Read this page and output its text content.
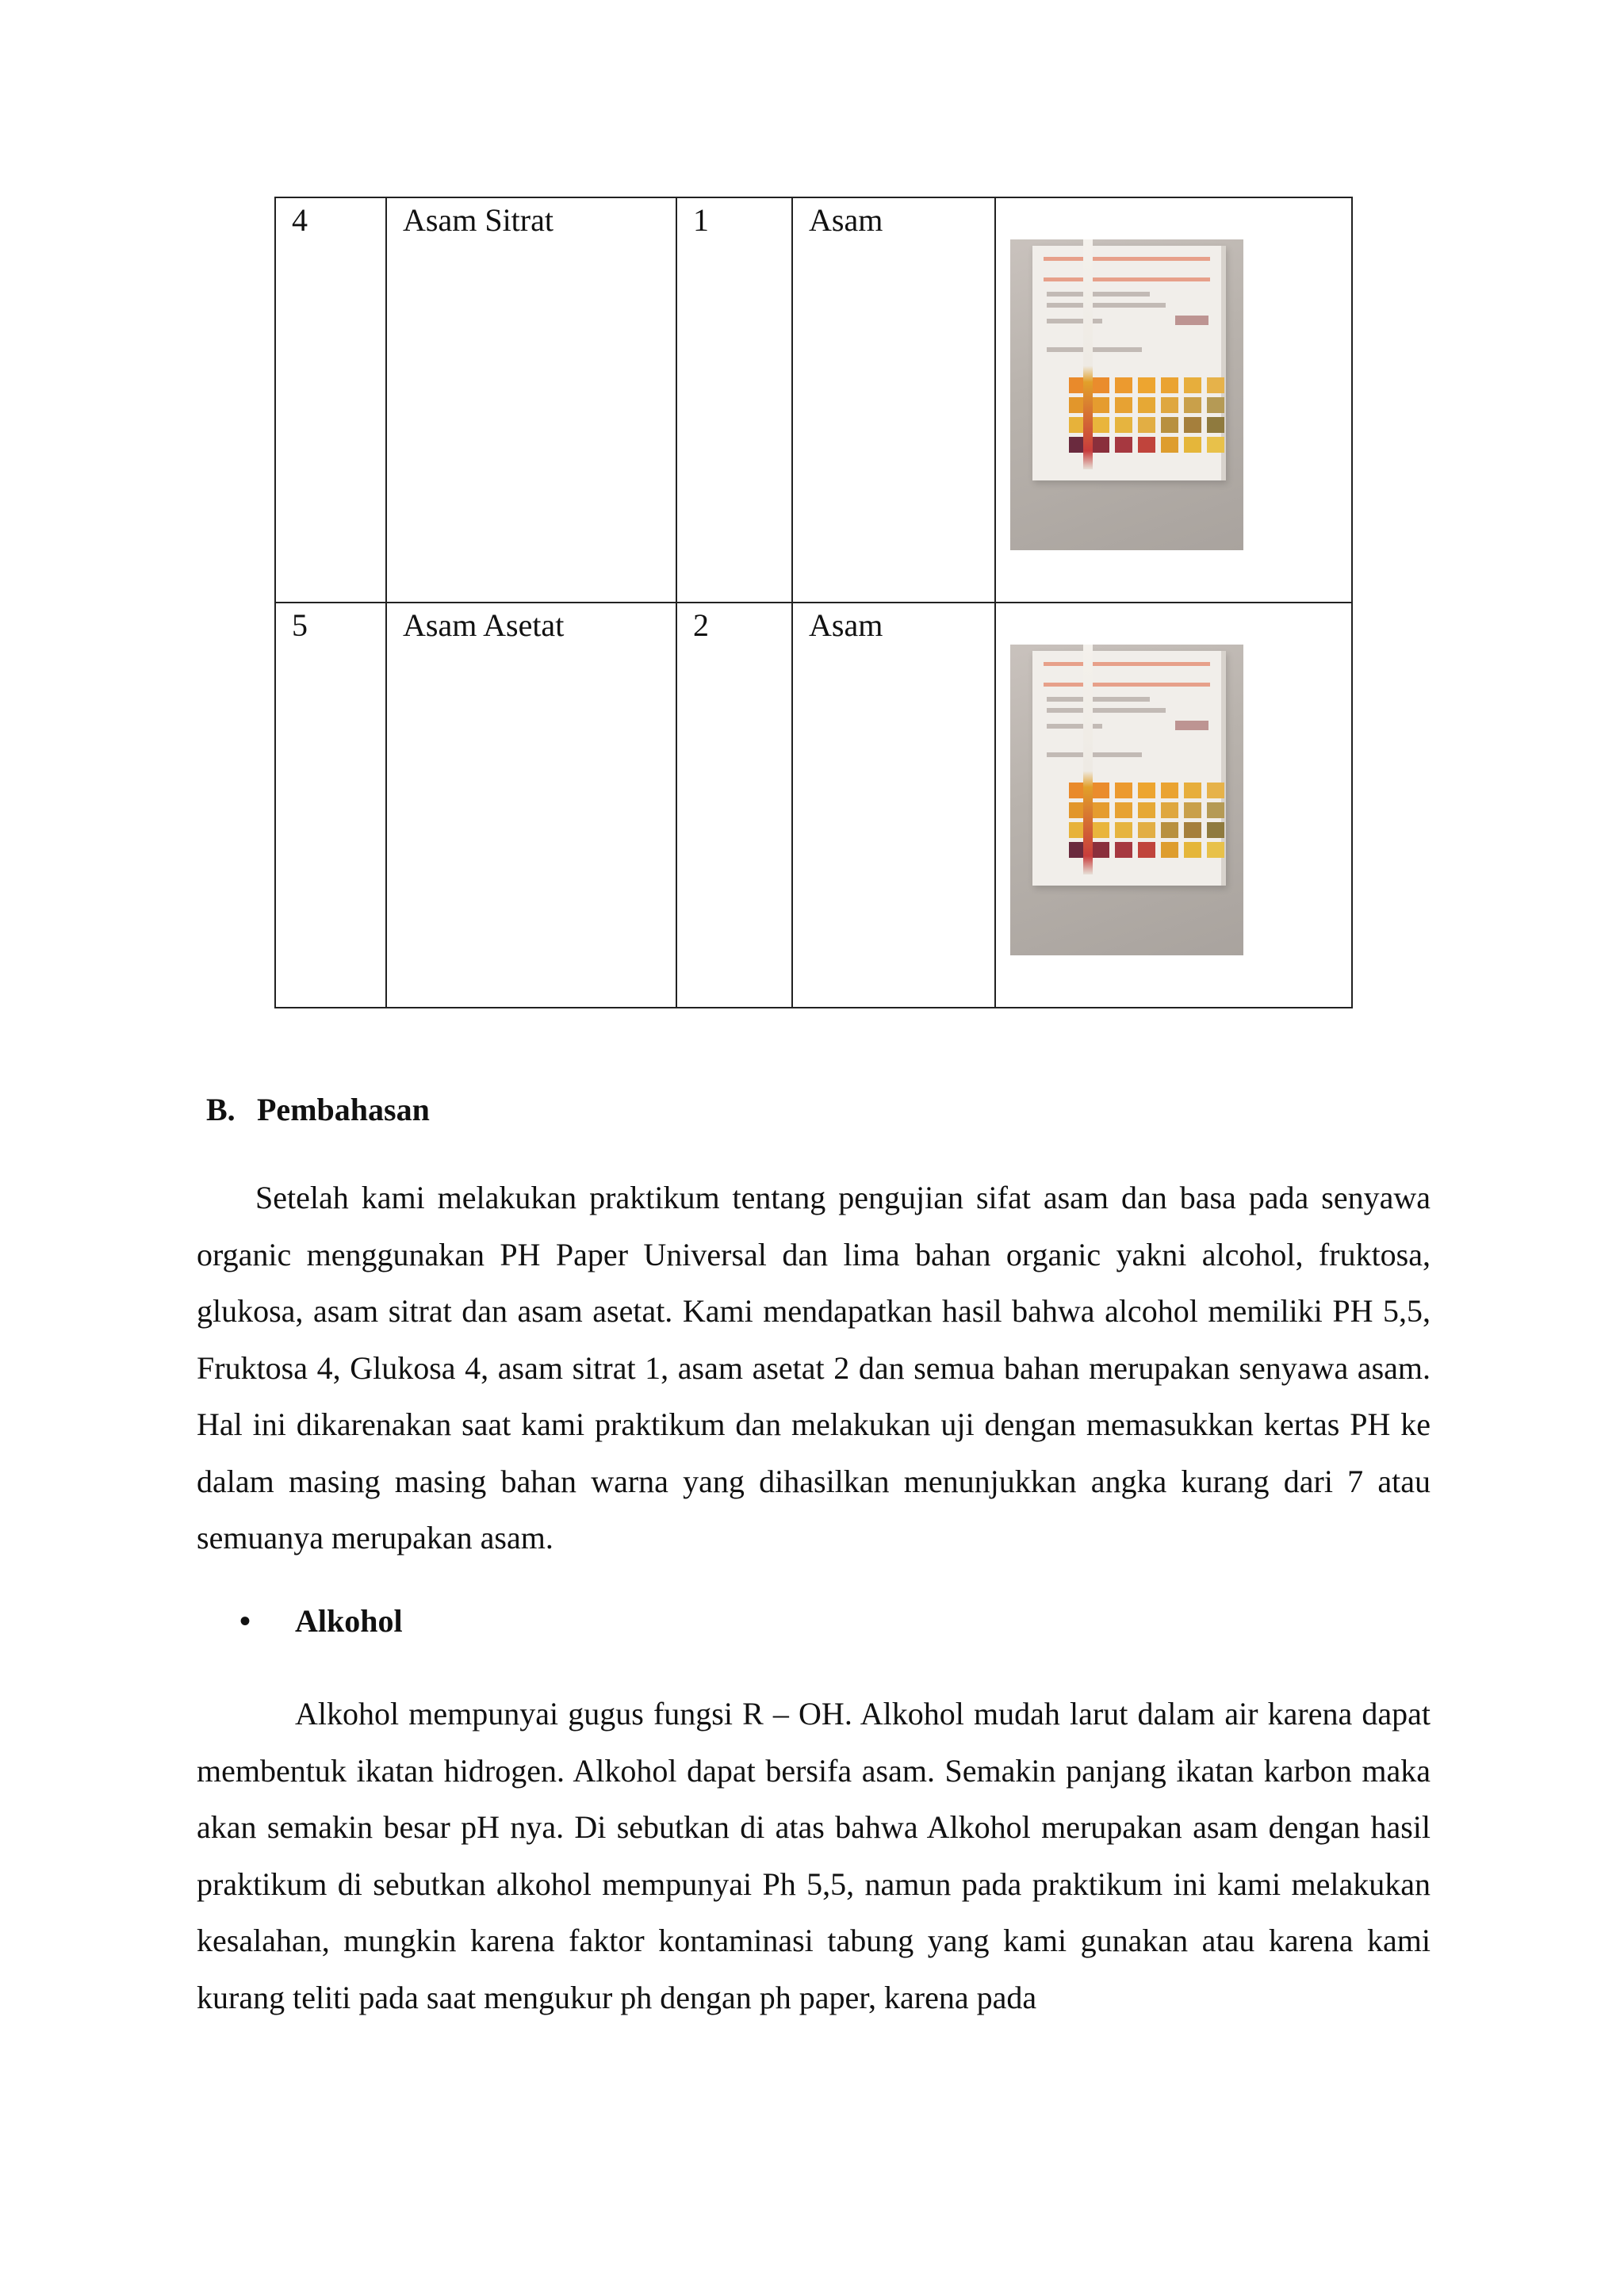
4	Asam Sitrat	1	Asam	

5	Asam Asetat	2	Asam	

B. Pembahasan

Setelah kami melakukan praktikum tentang pengujian sifat asam dan basa pada senyawa organic menggunakan PH Paper Universal dan lima bahan organic yakni alcohol, fruktosa, glukosa, asam sitrat dan asam asetat. Kami mendapatkan hasil bahwa alcohol memiliki PH 5,5, Fruktosa 4, Glukosa 4, asam sitrat 1, asam asetat 2 dan semua bahan merupakan senyawa asam. Hal ini dikarenakan saat kami praktikum dan melakukan uji dengan memasukkan kertas PH ke dalam masing masing bahan warna yang dihasilkan menunjukkan angka kurang dari 7 atau semuanya merupakan asam.

• Alkohol

Alkohol mempunyai gugus fungsi R – OH. Alkohol mudah larut dalam air karena dapat membentuk ikatan hidrogen. Alkohol dapat bersifa asam. Semakin panjang ikatan karbon maka akan semakin besar pH nya. Di sebutkan di atas bahwa Alkohol merupakan asam dengan hasil praktikum di sebutkan alkohol mempunyai Ph 5,5, namun pada praktikum ini kami melakukan kesalahan, mungkin karena faktor kontaminasi tabung yang kami gunakan atau karena kami kurang teliti pada saat mengukur ph dengan ph paper, karena pada
